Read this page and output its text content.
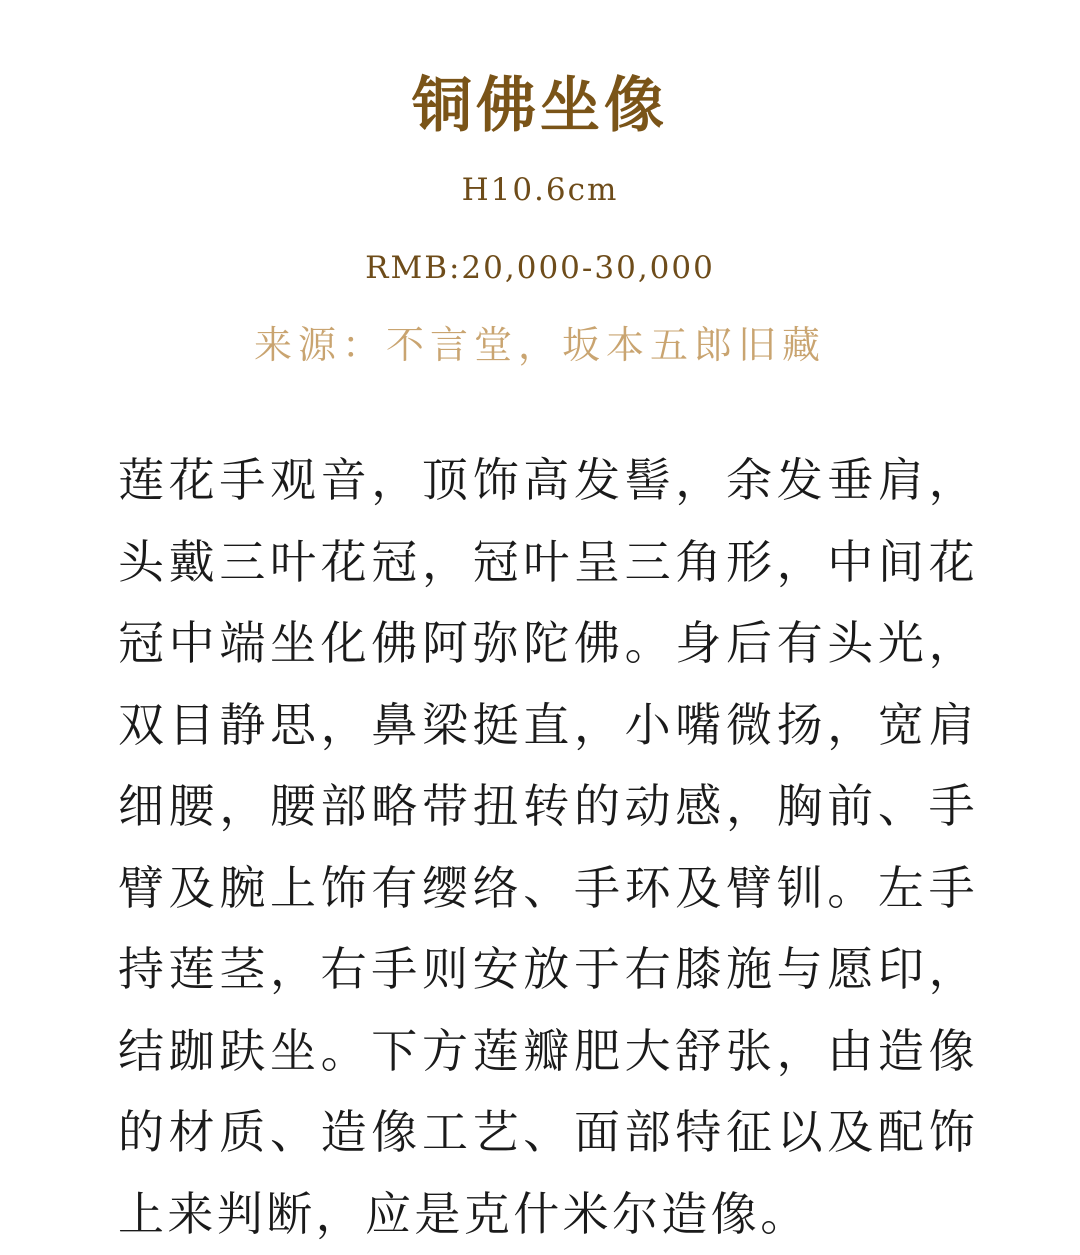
铜佛坐像
H10.6cm
RMB:20,000-30,000
来源：不言堂，坂本五郎旧藏

莲花手观音，顶饰高发髻，余发垂肩，头戴三叶花冠，冠叶呈三角形，中间花冠中端坐化佛阿弥陀佛。身后有头光，双目静思，鼻梁挺直，小嘴微扬，宽肩细腰，腰部略带扭转的动感，胸前、手臂及腕上饰有缨络、手环及臂钏。左手持莲茎，右手则安放于右膝施与愿印，结跏趺坐。下方莲瓣肥大舒张，由造像的材质、造像工艺、面部特征以及配饰上来判断，应是克什米尔造像。
